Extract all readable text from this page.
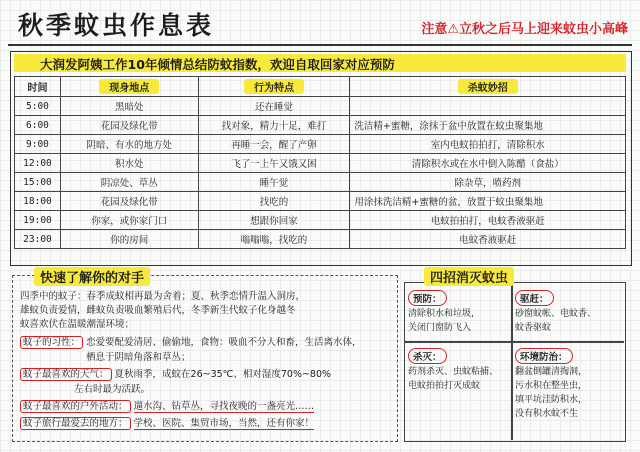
秋季蚊虫作息表	注意⚠立秋之后马上迎来蚊虫小高峰
大润发阿姨工作10年倾情总结防蚊指数，欢迎自取回家对应预防
时间	现身地点	行为特点	杀蚊妙招
5:00	黑暗处	还在睡觉	
6:00	花园及绿化带	找对象，精力十足，难打	洗洁精+蜜糖，涂抹于盆中放置在蚊虫聚集地
9:00	阴暗、有水的地方处	再睡一会，醒了产卵	室内电蚊拍拍打，清除积水
12:00	积水处	飞了一上午又饿又困	清除积水或在水中倒入陈醋（食盐）
15:00	阴凉处、草丛	睡午觉	除杂草，喷药剂
18:00	花园及绿化带	找吃的	用涂抹洗洁精+蜜糖的盆，放置于蚊虫聚集地
19:00	你家，或你家门口	想跟你回家	电蚊拍拍打，电蚊香液驱赶
23:00	你的房间	嗡嗡嗡，找吃的	电蚊香液驱赶
快速了解你的对手
四季中的蚊子：春季成蚊相再最为舍着；夏、秋季恋情升温入洞房，
雄蚊负责爱情，雌蚊负责吸血繁殖后代，冬季新生代蚊子化身越冬
蚊喜欢伏在温暖潮湿环境；
蚊子的习性： 恋爱要配爱清居、偷偷地，食物：吸血不分人和畜，生活离水体，
栖息于阴暗角落和草丛；
蚊子最喜欢的天气： 夏秋雨季，成蚊在26~35℃、相对湿度70%~80%
左右时最为活跃。
蚊子最喜欢的户外活动： 遛水沟、钻草丛，寻找夜晚的一盏亮光……
蚊子旅行最爱去的地方： 学校、医院、集贸市场，当然，还有你家！
四招消灭蚊虫
预防：
清除积水和垃圾，
关闭门窗防飞入
驱赶：
砂窗蚊帐、电蚊香、
蚊香驱蚊
杀灭：
药剂杀灭、虫蚊粘捕、
电蚊拍拍打灭成蚊
环境防治：
翻盆倒罐清掏洞，
污水积在整坐虫，
填平坑洼防积水，
没有积水蚊不生
